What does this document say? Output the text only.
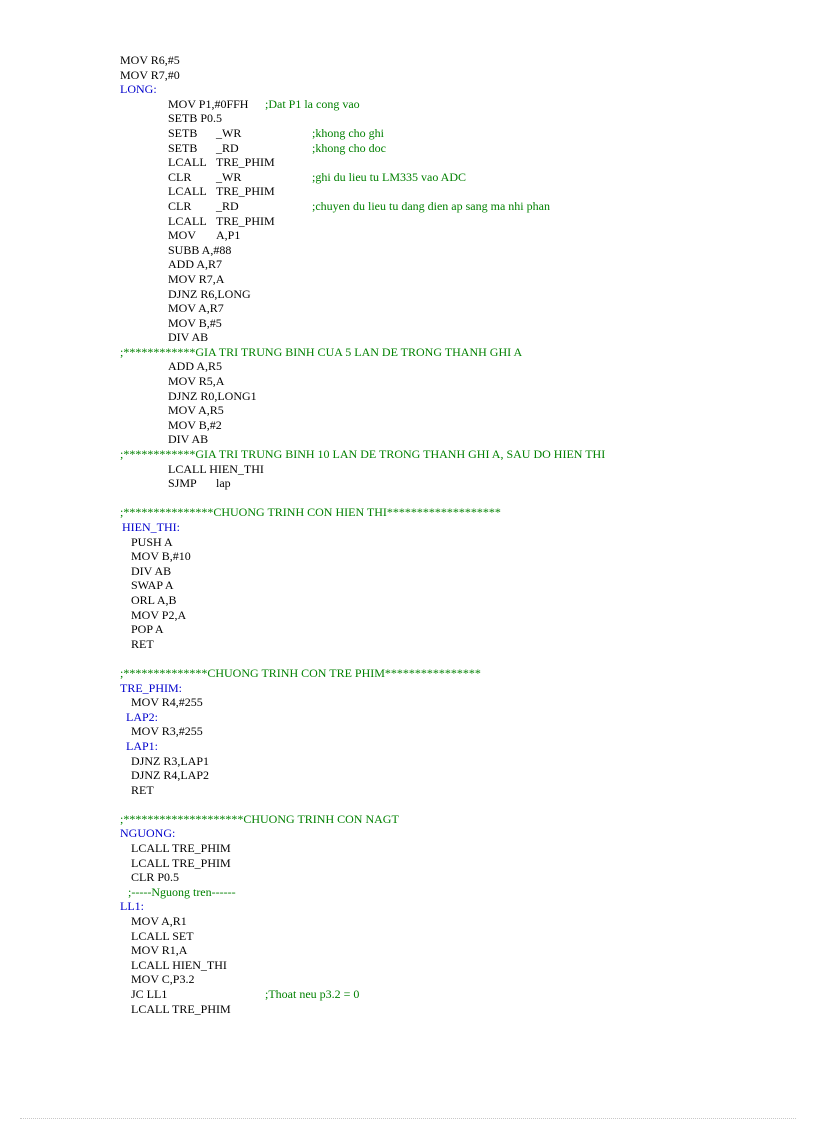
MOV R6,#5
MOV R7,#0
LONG:
MOV P1,#0FFH ;Dat P1 la cong vao
SETB P0.5
SETB _WR	;khong cho ghi
SETB _RD	;khong cho doc
LCALL TRE_PHIM
CLR _WR	;ghi du lieu tu LM335 vao ADC
LCALL TRE_PHIM
CLR _RD	;chuyen du lieu tu dang dien ap sang ma nhi phan
LCALL TRE_PHIM
MOV A,P1
SUBB A,#88
ADD A,R7
MOV R7,A
DJNZ R6,LONG
MOV A,R7
MOV B,#5
DIV AB
;************GIA TRI TRUNG BINH CUA 5 LAN DE TRONG THANH GHI A
ADD A,R5
MOV R5,A
DJNZ R0,LONG1
MOV A,R5
MOV B,#2
DIV AB
;************GIA TRI TRUNG BINH 10 LAN DE TRONG THANH GHI A, SAU DO HIEN THI
LCALL HIEN_THI
SJMP lap
;***************CHUONG TRINH CON HIEN THI*******************
HIEN_THI:
PUSH A
MOV B,#10
DIV AB
SWAP A
ORL A,B
MOV P2,A
POP A
RET
;**************CHUONG TRINH CON TRE PHIM****************
TRE_PHIM:
MOV R4,#255
LAP2:
MOV R3,#255
LAP1:
DJNZ R3,LAP1
DJNZ R4,LAP2
RET
;********************CHUONG TRINH CON NAGT
NGUONG:
LCALL TRE_PHIM
LCALL TRE_PHIM
CLR P0.5
;-----Nguong tren------
LL1:
MOV A,R1
LCALL SET
MOV R1,A
LCALL HIEN_THI
MOV C,P3.2
JC LL1	;Thoat neu p3.2 = 0
LCALL TRE_PHIM
